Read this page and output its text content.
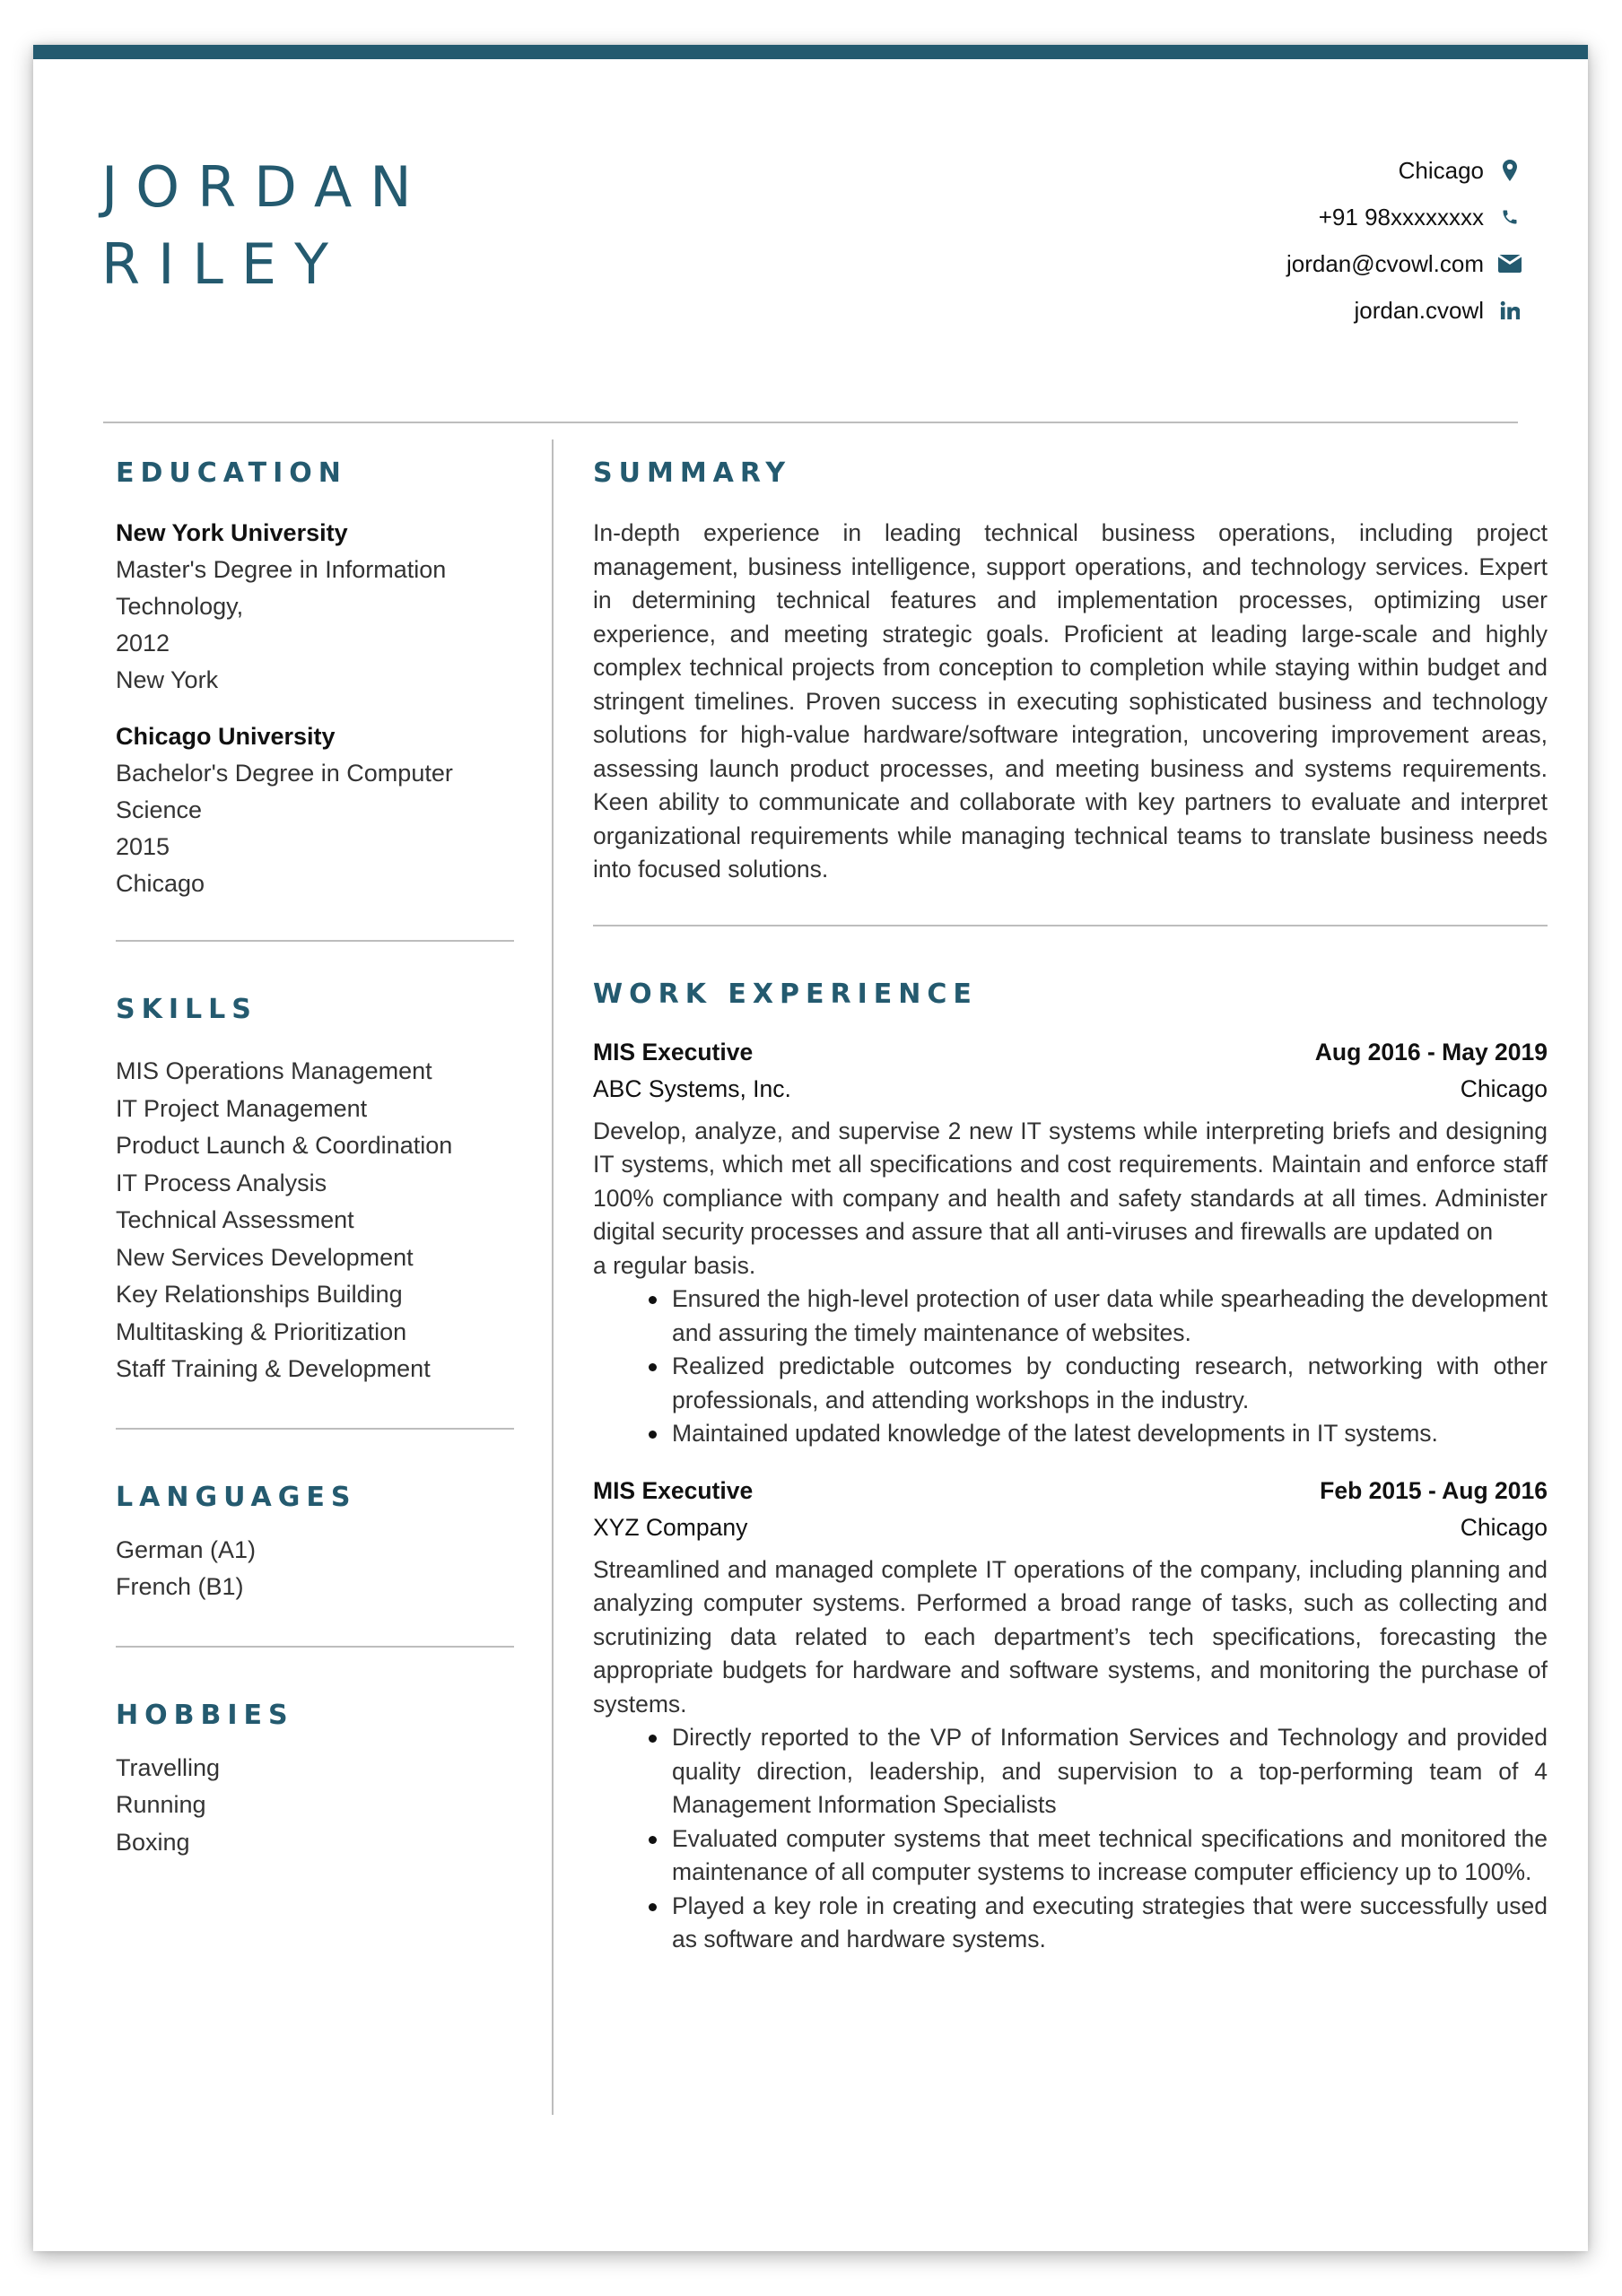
JORDAN
RILEY
Chicago
+91 98xxxxxxxx
jordan@cvowl.com
jordan.cvowl
EDUCATION
New York University
Master's Degree in Information
Technology,
2012
New York
Chicago University
Bachelor's Degree in Computer
Science
2015
Chicago
SKILLS
MIS Operations Management
IT Project Management
Product Launch & Coordination
IT Process Analysis
Technical Assessment
New Services Development
Key Relationships Building
Multitasking & Prioritization
Staff Training & Development
LANGUAGES
German (A1)
French (B1)
HOBBIES
Travelling
Running
Boxing
SUMMARY

In-depth experience in leading technical business operations, including project management, business intelligence, support operations, and technology services. Expert in determining technical features and implementation processes, optimizing user experience, and meeting strategic goals. Proficient at leading large-scale and highly complex technical projects from conception to completion while staying within budget and stringent timelines. Proven success in executing sophisticated business and technology solutions for high-value hardware/software integration, uncovering improvement areas, assessing launch product processes, and meeting business and systems requirements. Keen ability to communicate and collaborate with key partners to evaluate and interpret organizational requirements while managing technical teams to translate business needs into focused solutions.

WORK EXPERIENCE
MIS Executive	Aug 2016 - May 2019
ABC Systems, Inc.	Chicago

Develop, analyze, and supervise 2 new IT systems while interpreting briefs and designing IT systems, which met all specifications and cost requirements. Maintain and enforce staff 100% compliance with company and health and safety standards at all times. Administer digital security processes and assure that all anti-viruses and firewalls are updated on

a regular basis.

Ensured the high-level protection of user data while spearheading the development and assuring the timely maintenance of websites.
Realized predictable outcomes by conducting research, networking with other professionals, and attending workshops in the industry.
Maintained updated knowledge of the latest developments in IT systems.
MIS Executive	Feb 2015 - Aug 2016
XYZ Company	Chicago

Streamlined and managed complete IT operations of the company, including planning and analyzing computer systems. Performed a broad range of tasks, such as collecting and scrutinizing data related to each department’s tech specifications, forecasting the appropriate budgets for hardware and software systems, and monitoring the purchase of systems.

Directly reported to the VP of Information Services and Technology and provided quality direction, leadership, and supervision to a top-performing team of 4 Management Information Specialists
Evaluated computer systems that meet technical specifications and monitored the maintenance of all computer systems to increase computer efficiency up to 100%.
Played a key role in creating and executing strategies that were successfully used as software and hardware systems.
